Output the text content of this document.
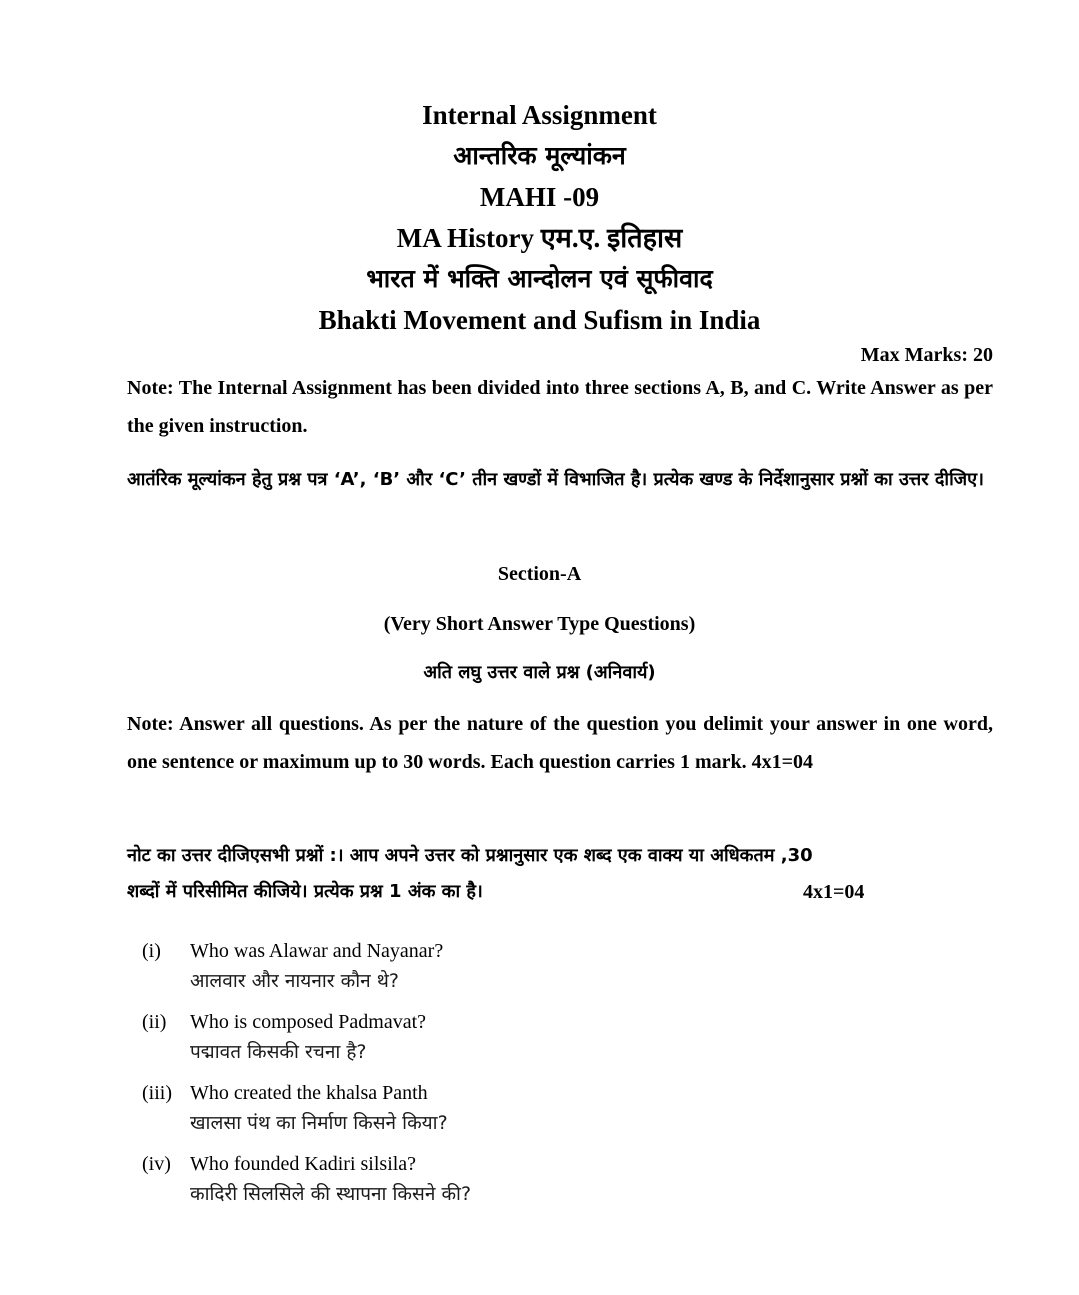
Internal Assignment
आन्तरिक मूल्यांकन
MAHI -09
MA History एम.ए. इतिहास
भारत में भक्ति आन्दोलन एवं सूफीवाद
Bhakti Movement and Sufism in India
Max Marks: 20
Note: The Internal Assignment has been divided into three sections A, B, and C. Write Answer as per the given instruction.
आतंरिक मूल्यांकन हेतु प्रश्न पत्र ‘A’, ‘B’ और ‘C’ तीन खण्डों में विभाजित है। प्रत्येक खण्ड के निर्देशानुसार प्रश्नों का उत्तर दीजिए।
Section-A
(Very Short Answer Type Questions)
अति लघु उत्तर वाले प्रश्न (अनिवार्य)
Note: Answer all questions. As per the nature of the question you delimit your answer in one word, one sentence or maximum up to 30 words. Each question carries 1 mark. 4x1=04
नोट का उत्तर दीजिएसभी प्रश्नों :। आप अपने उत्तर को प्रश्नानुसार एक शब्द एक वाक्य या अधिकतम ,30
शब्दों में परिसीमित कीजिये। प्रत्येक प्रश्न 1 अंक का है।	4x1=04
(i) Who was Alawar and Nayanar?
आलवार और नायनार कौन थे?
(ii) Who is composed Padmavat?
पद्मावत किसकी रचना है?
(iii) Who created the khalsa Panth
खालसा पंथ का निर्माण किसने किया?
(iv) Who founded Kadiri silsila?
कादिरी सिलसिले की स्थापना किसने की?
